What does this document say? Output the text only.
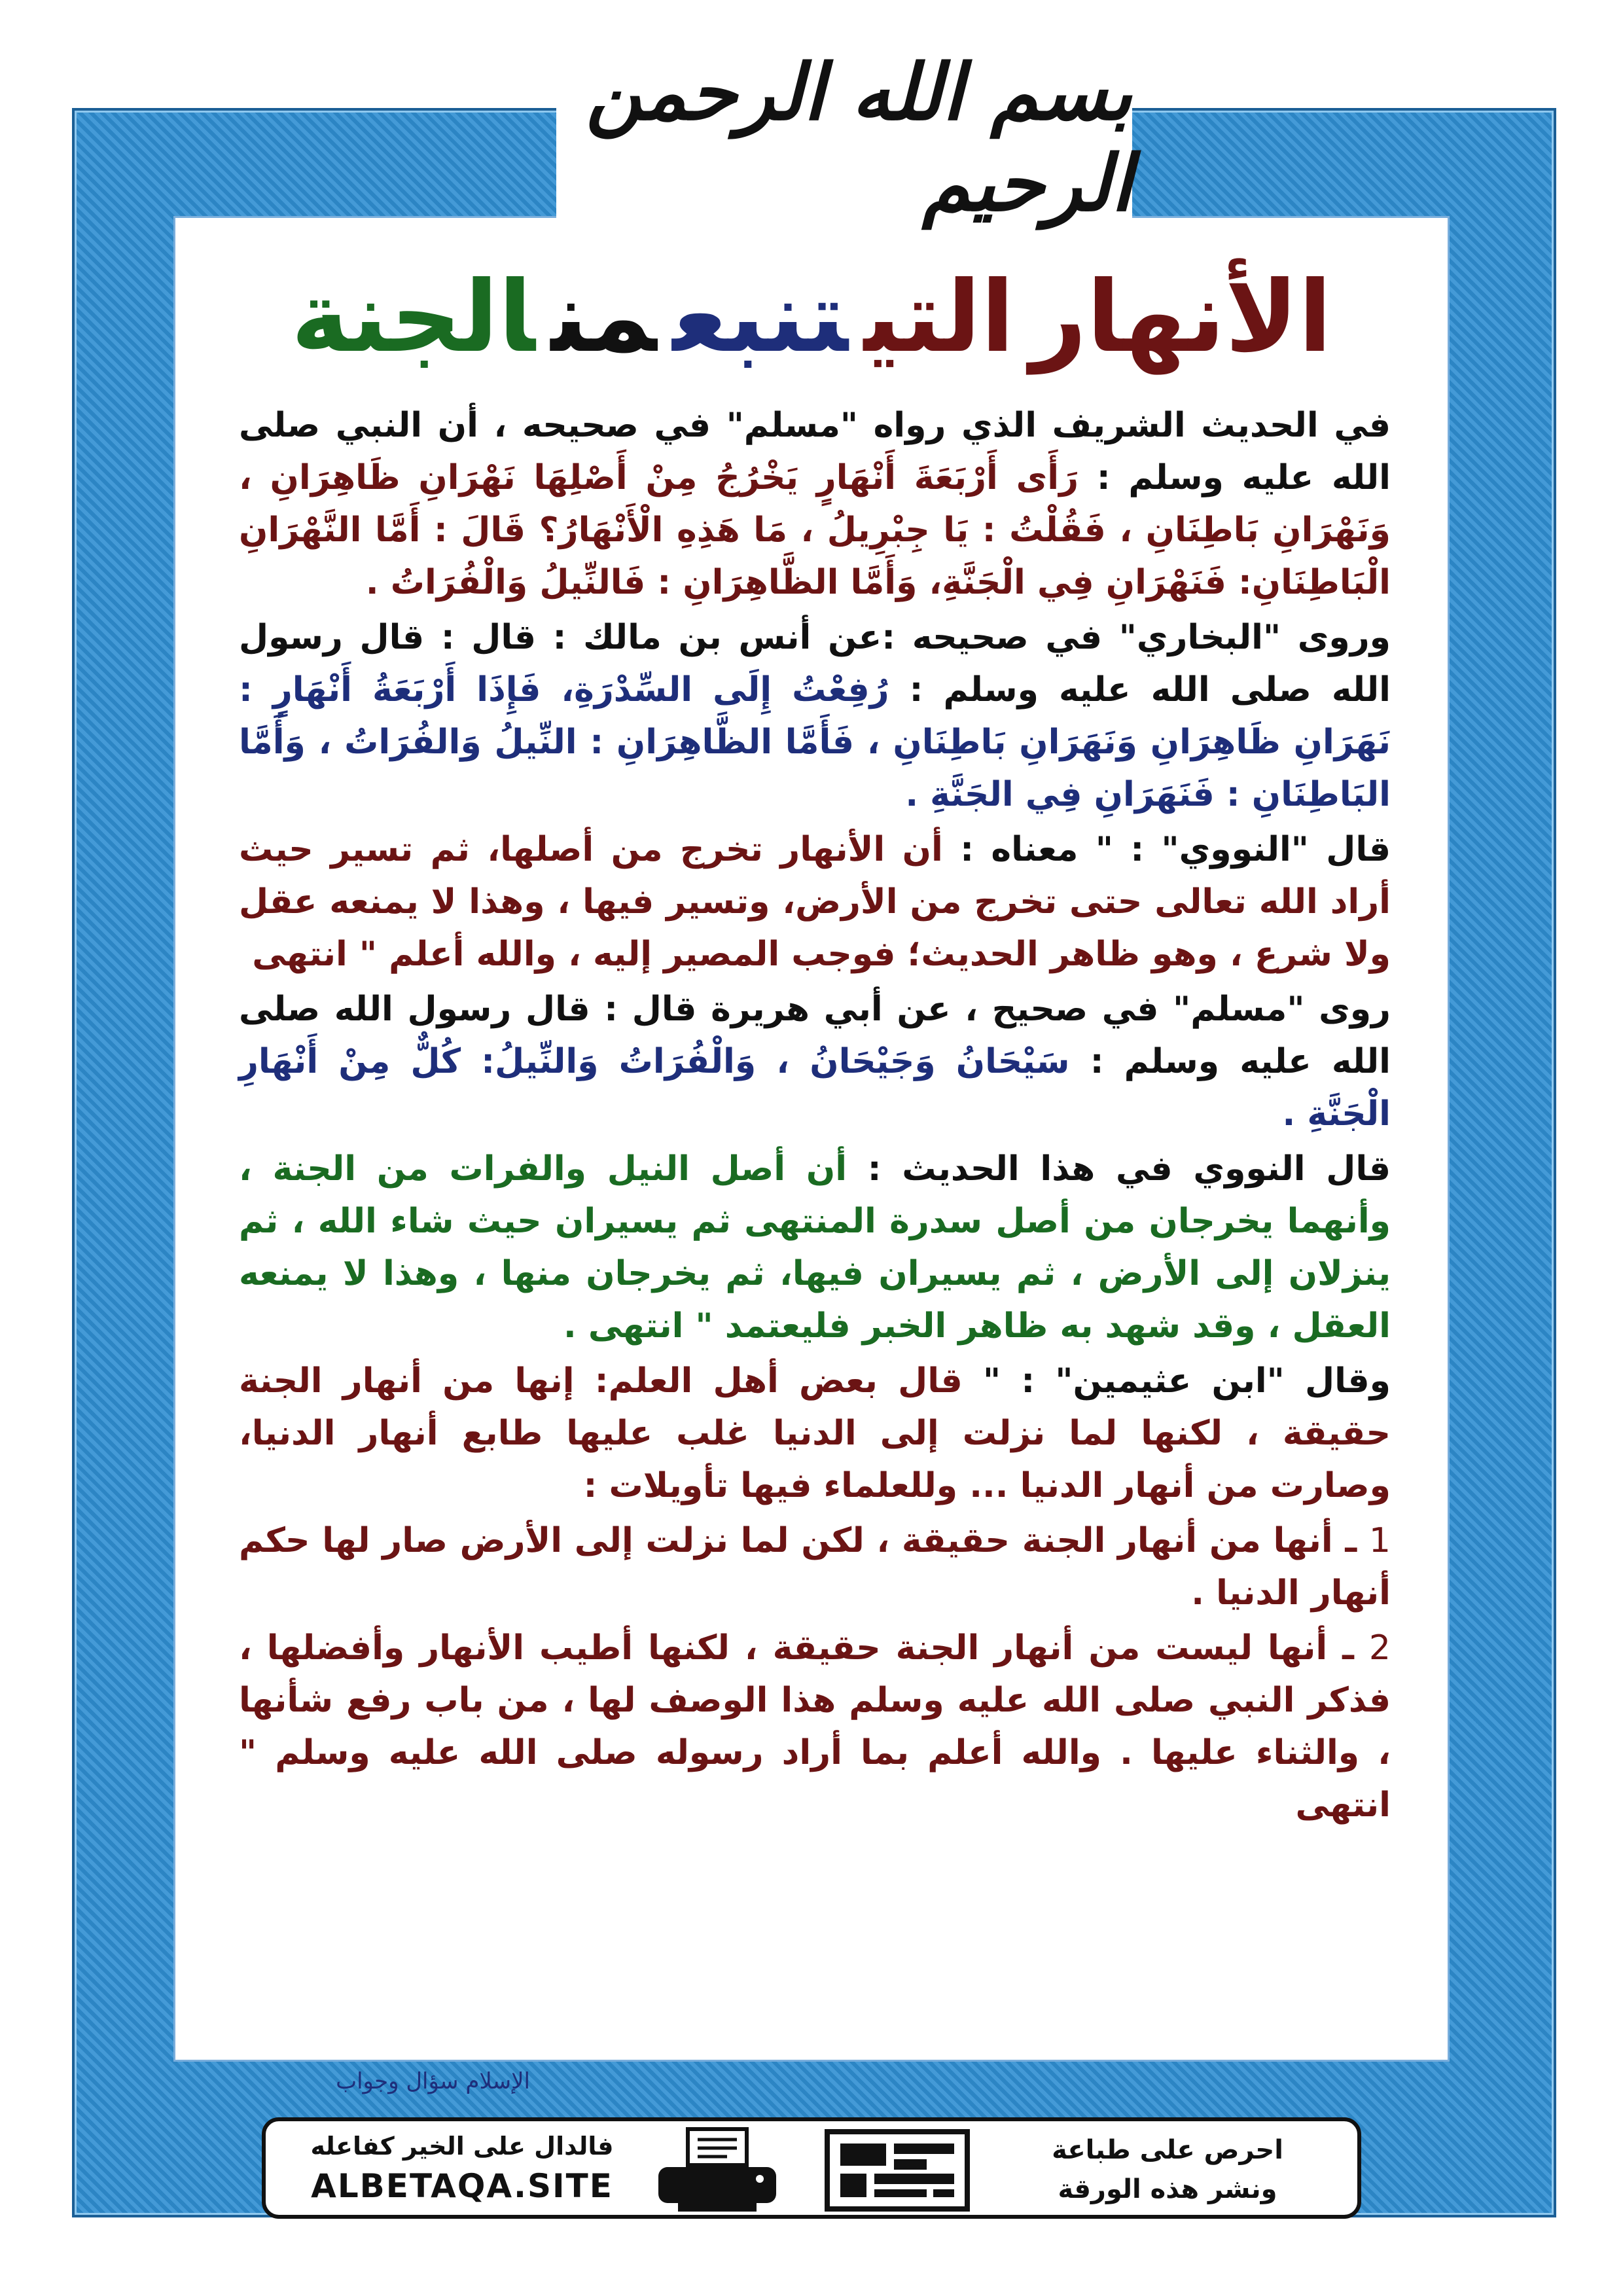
بسم الله الرحمن الرحيم
الأنهارالتيتنبعمنالجنة

في الحديث الشريف الذي رواه "مسلم" في صحيحه ، أن النبي صلى الله عليه وسلم : رَأَى أَرْبَعَةَ أَنْهَارٍ يَخْرُجُ مِنْ أَصْلِهَا نَهْرَانِ ظَاهِرَانِ ، وَنَهْرَانِ بَاطِنَانِ ، فَقُلْتُ : يَا جِبْرِيلُ ، مَا هَذِهِ الْأَنْهَارُ؟ قَالَ : أَمَّا النَّهْرَانِ الْبَاطِنَانِ: فَنَهْرَانِ فِي الْجَنَّةِ، وَأَمَّا الظَّاهِرَانِ : فَالنِّيلُ وَالْفُرَاتُ .

وروى "البخاري" في صحيحه :عن أنس بن مالك : قال : قال رسول الله صلى الله عليه وسلم : رُفِعْتُ إِلَى السِّدْرَةِ، فَإِذَا أَرْبَعَةُ أَنْهَارٍ : نَهَرَانِ ظَاهِرَانِ وَنَهَرَانِ بَاطِنَانِ ، فَأَمَّا الظَّاهِرَانِ : النِّيلُ وَالفُرَاتُ ، وَأَمَّا البَاطِنَانِ : فَنَهَرَانِ فِي الجَنَّةِ .

قال "النووي" : " معناه : أن الأنهار تخرج من أصلها، ثم تسير حيث أراد الله تعالى حتى تخرج من الأرض، وتسير فيها ، وهذا لا يمنعه عقل ولا شرع ، وهو ظاهر الحديث؛ فوجب المصير إليه ، والله أعلم " انتهى

روى "مسلم" في صحيح ، عن أبي هريرة قال : قال رسول الله صلى الله عليه وسلم : سَيْحَانُ وَجَيْحَانُ ، وَالْفُرَاتُ وَالنِّيلُ: كُلٌّ مِنْ أَنْهَارِ الْجَنَّةِ .

قال النووي في هذا الحديث : أن أصل النيل والفرات من الجنة ، وأنهما يخرجان من أصل سدرة المنتهى ثم يسيران حيث شاء الله ، ثم ينزلان إلى الأرض ، ثم يسيران فيها، ثم يخرجان منها ، وهذا لا يمنعه العقل ، وقد شهد به ظاهر الخبر فليعتمد " انتهى .

وقال "ابن عثيمين" : " قال بعض أهل العلم: إنها من أنهار الجنة حقيقة ، لكنها لما نزلت إلى الدنيا غلب عليها طابع أنهار الدنيا، وصارت من أنهار الدنيا ... وللعلماء فيها تأويلات :

1 ـ أنها من أنهار الجنة حقيقة ، لكن لما نزلت إلى الأرض صار لها حكم أنهار الدنيا .

2 ـ أنها ليست من أنهار الجنة حقيقة ، لكنها أطيب الأنهار وأفضلها ، فذكر النبي صلى الله عليه وسلم هذا الوصف لها ، من باب رفع شأنها ، والثناء عليها . والله أعلم بما أراد رسوله صلى الله عليه وسلم " انتهى

الإسلام سؤال وجواب
فالدال على الخير كفاعله
ALBETAQA.SITE
احرص على طباعة
ونشر هذه الورقة
